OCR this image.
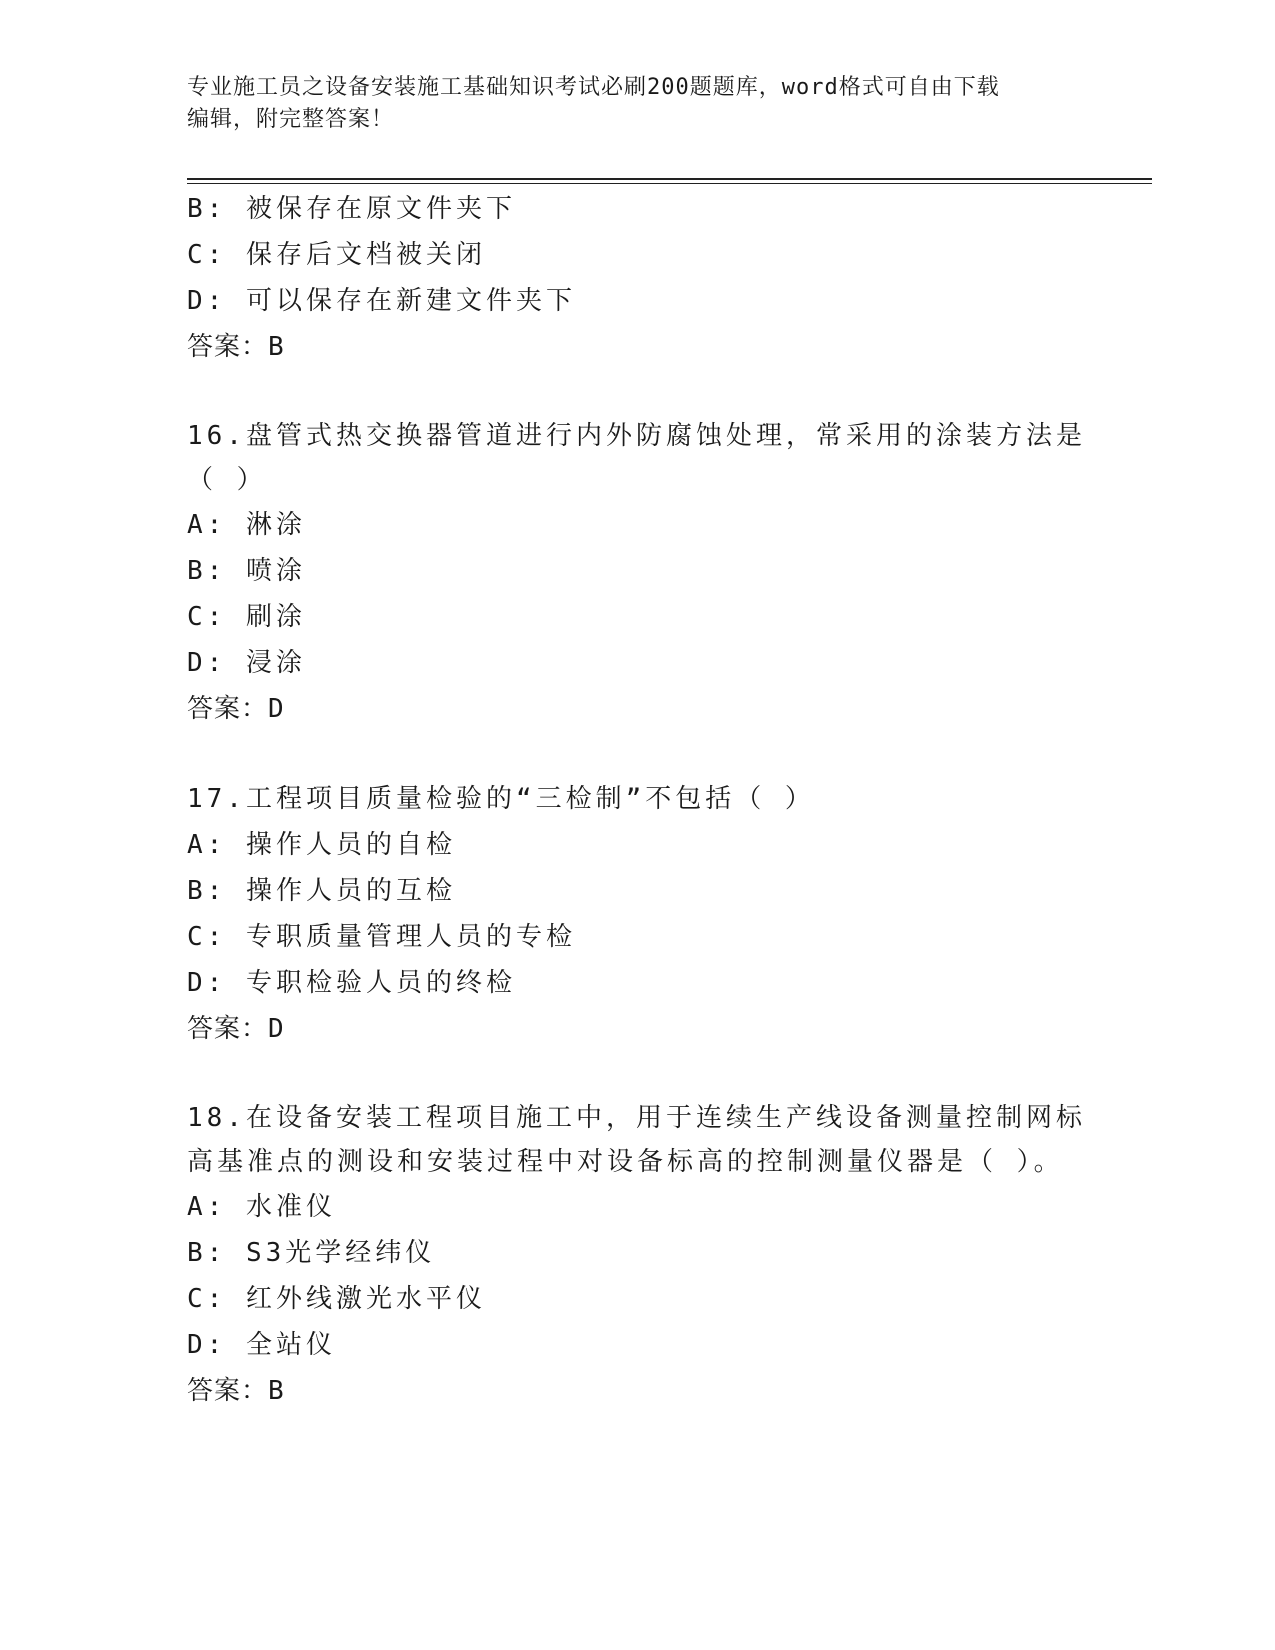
专业施工员之设备安装施工基础知识考试必刷200题题库，word格式可自由下载
编辑，附完整答案！
B: 被保存在原文件夹下
C: 保存后文档被关闭
D: 可以保存在新建文件夹下
答案：B
16.盘管式热交换器管道进行内外防腐蚀处理，常采用的涂装方法是（ ）
A: 淋涂
B: 喷涂
C: 刷涂
D: 浸涂
答案：D
17.工程项目质量检验的“三检制”不包括（ ）
A: 操作人员的自检
B: 操作人员的互检
C: 专职质量管理人员的专检
D: 专职检验人员的终检
答案：D
18.在设备安装工程项目施工中，用于连续生产线设备测量控制网标高基准点的测设和安装过程中对设备标高的控制测量仪器是（ ）。
A: 水准仪
B: S3光学经纬仪
C: 红外线激光水平仪
D: 全站仪
答案：B
